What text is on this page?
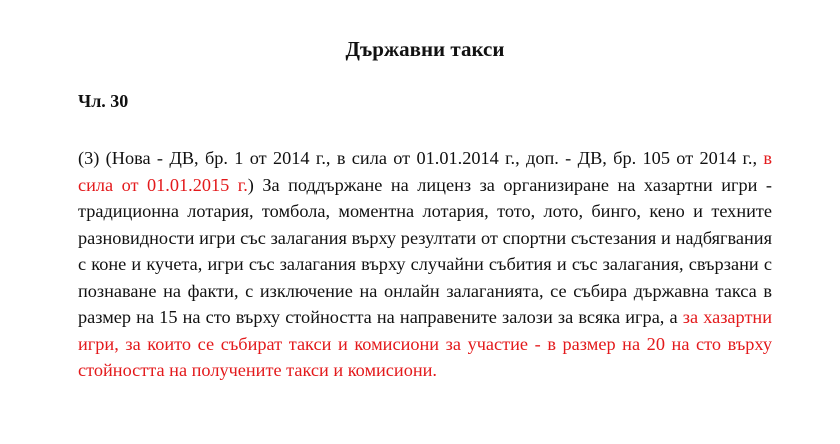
Държавни такси
Чл. 30

(3) (Нова - ДВ, бр. 1 от 2014 г., в сила от 01.01.2014 г., доп. - ДВ, бр. 105 от 2014 г., в сила от 01.01.2015 г.) За поддържане на лиценз за организиране на хазартни игри - традиционна лотария, томбола, моментна лотария, тото, лото, бинго, кено и техните разновидности игри със залагания върху резултати от спортни състезания и надбягвания с коне и кучета, игри със залагания върху случайни събития и със залагания, свързани с познаване на факти, с изключение на онлайн залаганията, се събира държавна такса в размер на 15 на сто върху стойността на направените залози за всяка игра, а за хазартни игри, за които се събират такси и комисиони за участие - в размер на 20 на сто върху стойността на получените такси и комисиони.
